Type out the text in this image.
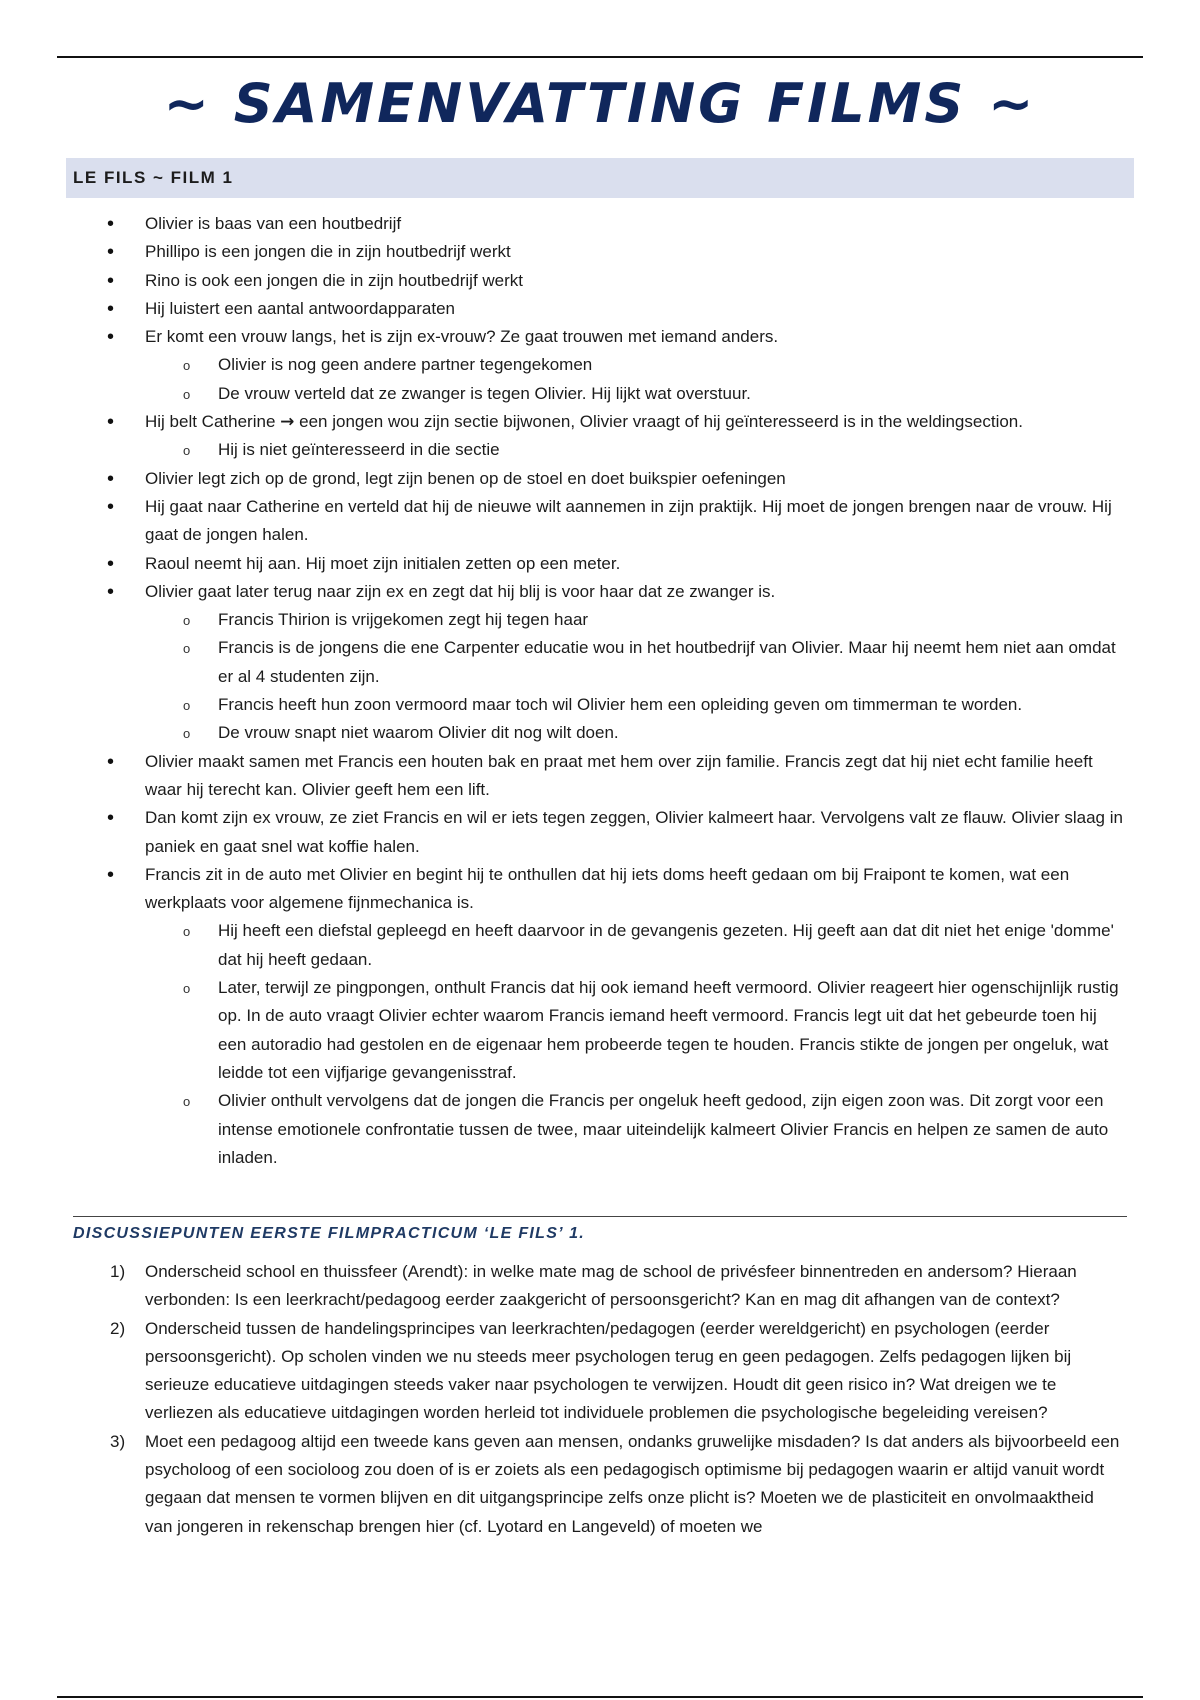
~ SAMENVATTING FILMS ~
LE FILS ~ FILM 1
• Olivier is baas van een houtbedrijf
• Phillipo is een jongen die in zijn houtbedrijf werkt
• Rino is ook een jongen die in zijn houtbedrijf werkt
• Hij luistert een aantal antwoordapparaten
• Er komt een vrouw langs, het is zijn ex-vrouw? Ze gaat trouwen met iemand anders.
o Olivier is nog geen andere partner tegengekomen
o De vrouw verteld dat ze zwanger is tegen Olivier. Hij lijkt wat overstuur.
• Hij belt Catherine → een jongen wou zijn sectie bijwonen, Olivier vraagt of hij geïnteresseerd is in the weldingsection.
o Hij is niet geïnteresseerd in die sectie
• Olivier legt zich op de grond, legt zijn benen op de stoel en doet buikspier oefeningen
• Hij gaat naar Catherine en verteld dat hij de nieuwe wilt aannemen in zijn praktijk. Hij moet de jongen brengen naar de vrouw. Hij gaat de jongen halen.
• Raoul neemt hij aan. Hij moet zijn initialen zetten op een meter.
• Olivier gaat later terug naar zijn ex en zegt dat hij blij is voor haar dat ze zwanger is.
o Francis Thirion is vrijgekomen zegt hij tegen haar
o Francis is de jongens die ene Carpenter educatie wou in het houtbedrijf van Olivier. Maar hij neemt hem niet aan omdat er al 4 studenten zijn.
o Francis heeft hun zoon vermoord maar toch wil Olivier hem een opleiding geven om timmerman te worden.
o De vrouw snapt niet waarom Olivier dit nog wilt doen.
• Olivier maakt samen met Francis een houten bak en praat met hem over zijn familie. Francis zegt dat hij niet echt familie heeft waar hij terecht kan. Olivier geeft hem een lift.
• Dan komt zijn ex vrouw, ze ziet Francis en wil er iets tegen zeggen, Olivier kalmeert haar. Vervolgens valt ze flauw. Olivier slaag in paniek en gaat snel wat koffie halen.
• Francis zit in de auto met Olivier en begint hij te onthullen dat hij iets doms heeft gedaan om bij Fraipont te komen, wat een werkplaats voor algemene fijnmechanica is.
o Hij heeft een diefstal gepleegd en heeft daarvoor in de gevangenis gezeten. Hij geeft aan dat dit niet het enige 'domme' dat hij heeft gedaan.
o Later, terwijl ze pingpongen, onthult Francis dat hij ook iemand heeft vermoord. Olivier reageert hier ogenschijnlijk rustig op. In de auto vraagt Olivier echter waarom Francis iemand heeft vermoord. Francis legt uit dat het gebeurde toen hij een autoradio had gestolen en de eigenaar hem probeerde tegen te houden. Francis stikte de jongen per ongeluk, wat leidde tot een vijfjarige gevangenisstraf.
o Olivier onthult vervolgens dat de jongen die Francis per ongeluk heeft gedood, zijn eigen zoon was. Dit zorgt voor een intense emotionele confrontatie tussen de twee, maar uiteindelijk kalmeert Olivier Francis en helpen ze samen de auto inladen.
DISCUSSIEPUNTEN EERSTE FILMPRACTICUM ‘LE FILS’ 1.
1) Onderscheid school en thuissfeer (Arendt): in welke mate mag de school de privésfeer binnentreden en andersom? Hieraan verbonden: Is een leerkracht/pedagoog eerder zaakgericht of persoonsgericht? Kan en mag dit afhangen van de context?
2) Onderscheid tussen de handelingsprincipes van leerkrachten/pedagogen (eerder wereldgericht) en psychologen (eerder persoonsgericht). Op scholen vinden we nu steeds meer psychologen terug en geen pedagogen. Zelfs pedagogen lijken bij serieuze educatieve uitdagingen steeds vaker naar psychologen te verwijzen. Houdt dit geen risico in? Wat dreigen we te verliezen als educatieve uitdagingen worden herleid tot individuele problemen die psychologische begeleiding vereisen?
3) Moet een pedagoog altijd een tweede kans geven aan mensen, ondanks gruwelijke misdaden? Is dat anders als bijvoorbeeld een psycholoog of een socioloog zou doen of is er zoiets als een pedagogisch optimisme bij pedagogen waarin er altijd vanuit wordt gegaan dat mensen te vormen blijven en dit uitgangsprincipe zelfs onze plicht is? Moeten we de plasticiteit en onvolmaaktheid van jongeren in rekenschap brengen hier (cf. Lyotard en Langeveld) of moeten we
